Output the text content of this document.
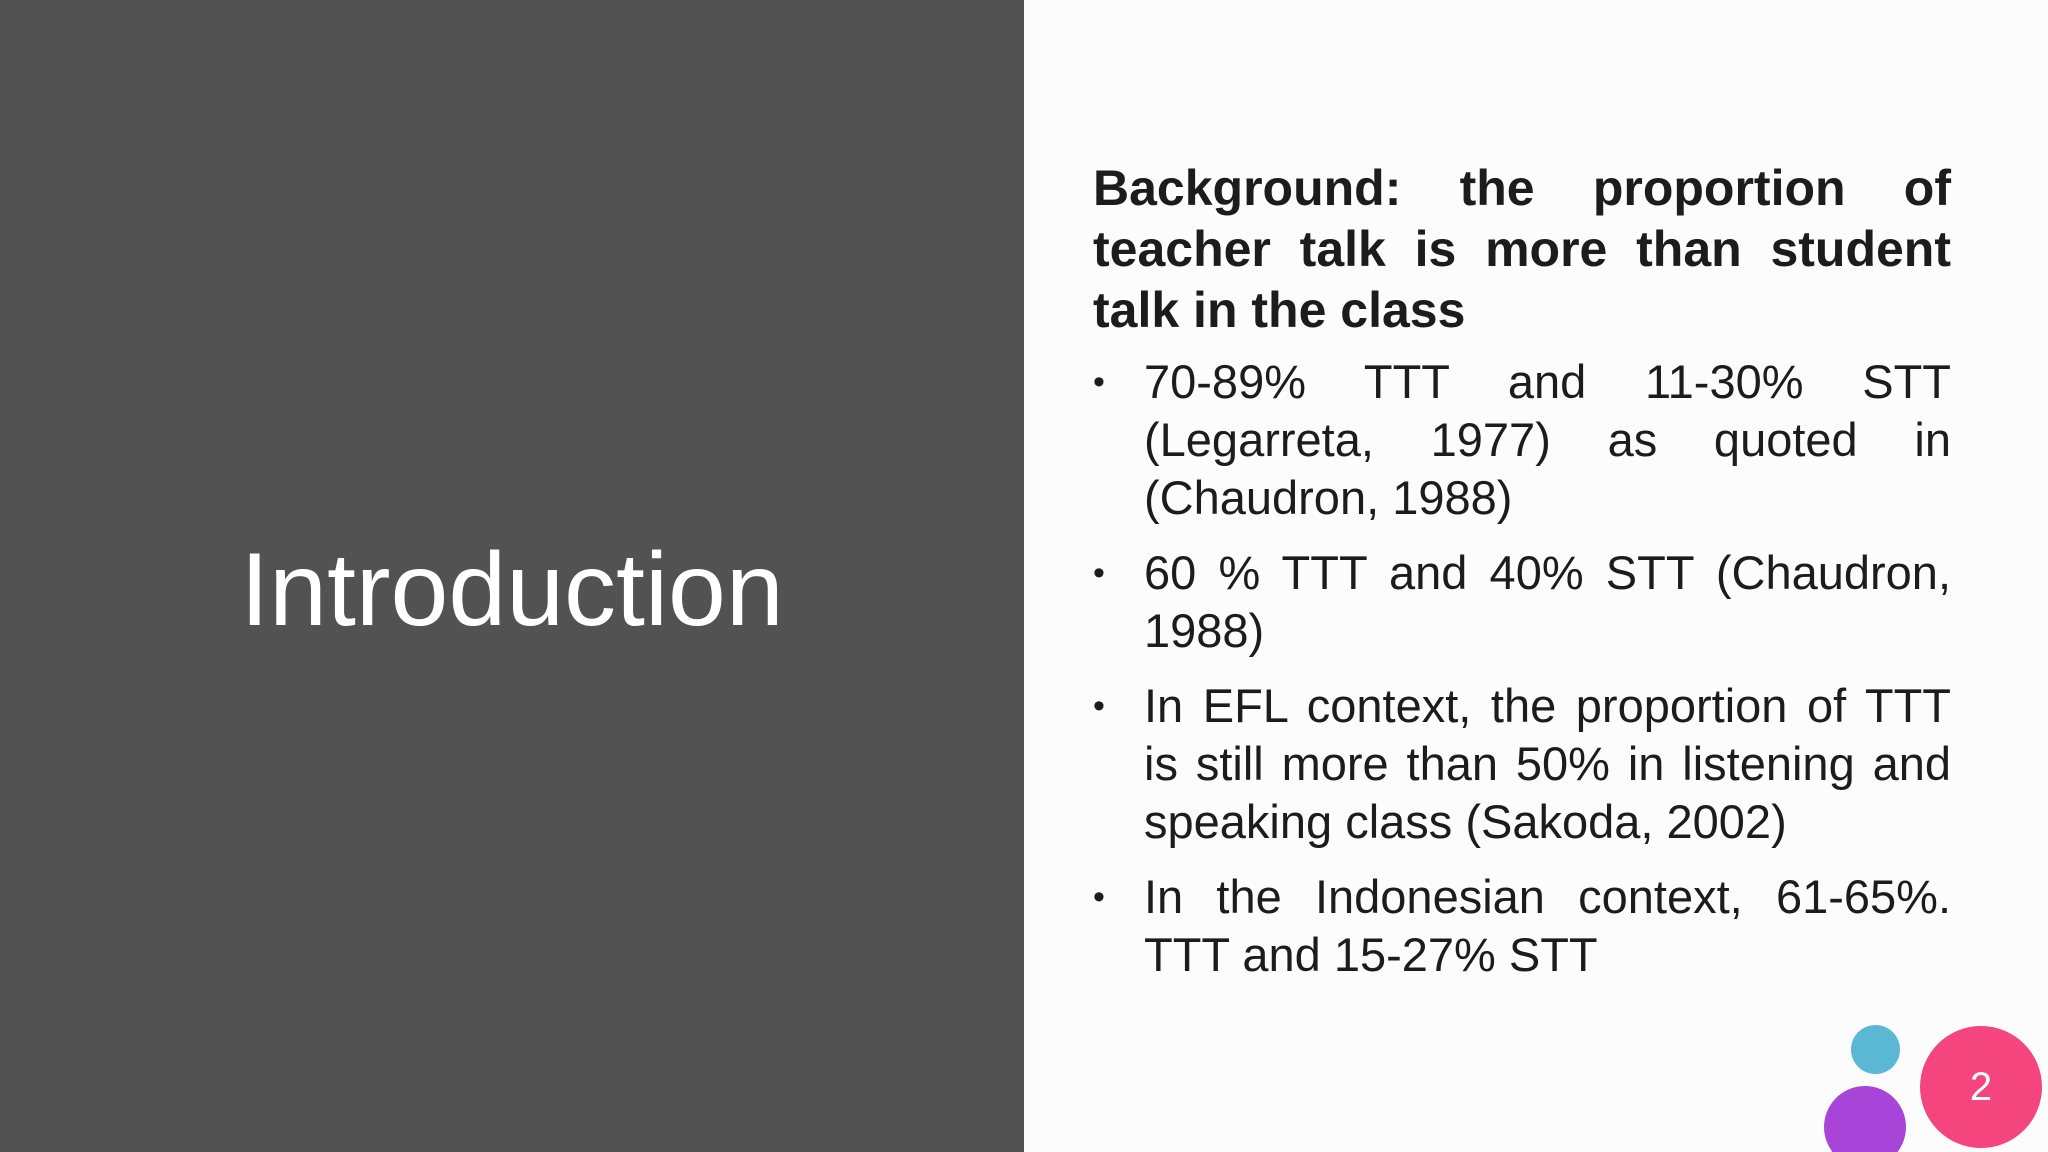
Introduction

Background: the proportion of teacher talk is more than student talk in the class

• 70-89% TTT and 11-30% STT (Legarreta, 1977) as quoted in (Chaudron, 1988)
• 60 % TTT and 40% STT (Chaudron, 1988)
• In EFL context, the proportion of TTT is still more than 50% in listening and speaking class (Sakoda, 2002)
• In the Indonesian context, 61-65%. TTT and 15-27% STT
2
